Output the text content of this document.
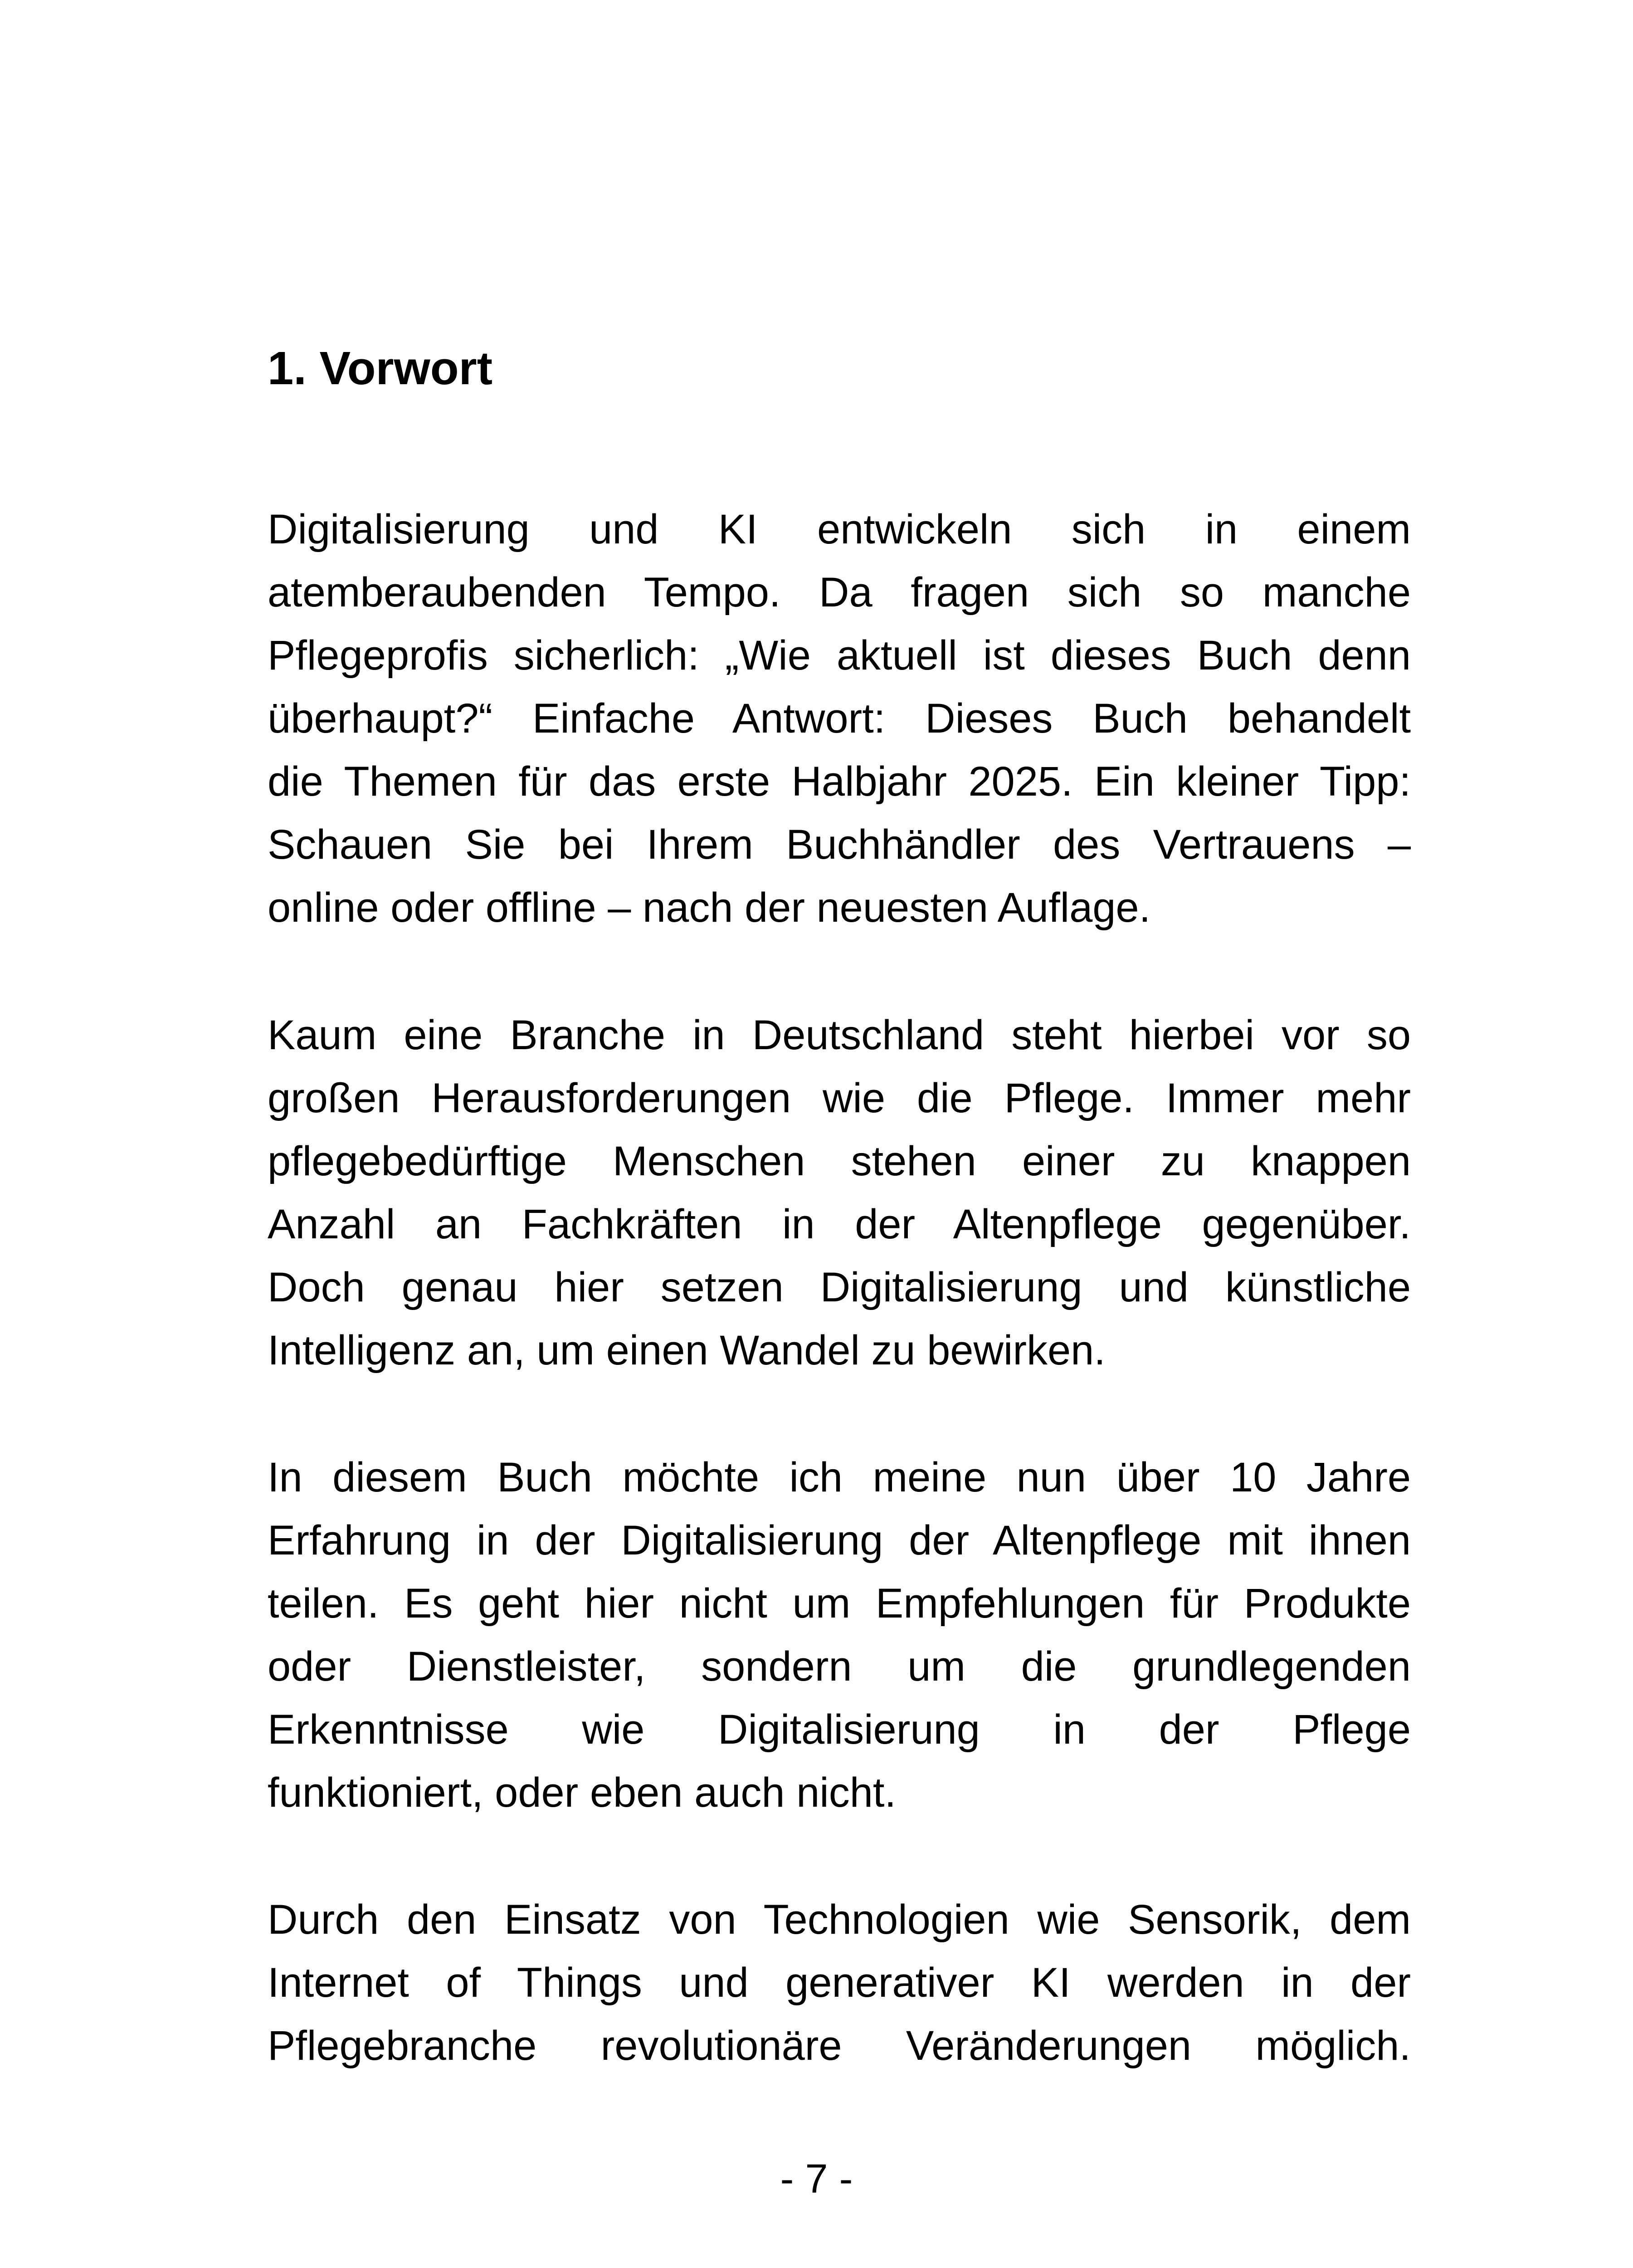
1. Vorwort
Digitalisierung und KI entwickeln sich in einem
atemberaubenden Tempo. Da fragen sich so manche
Pflegeprofis sicherlich: „Wie aktuell ist dieses Buch denn
überhaupt?“ Einfache Antwort: Dieses Buch behandelt
die Themen für das erste Halbjahr 2025. Ein kleiner Tipp:
Schauen Sie bei Ihrem Buchhändler des Vertrauens –
online oder offline – nach der neuesten Auflage.
Kaum eine Branche in Deutschland steht hierbei vor so
großen Herausforderungen wie die Pflege. Immer mehr
pflegebedürftige Menschen stehen einer zu knappen
Anzahl an Fachkräften in der Altenpflege gegenüber.
Doch genau hier setzen Digitalisierung und künstliche
Intelligenz an, um einen Wandel zu bewirken.
In diesem Buch möchte ich meine nun über 10 Jahre
Erfahrung in der Digitalisierung der Altenpflege mit ihnen
teilen. Es geht hier nicht um Empfehlungen für Produkte
oder Dienstleister, sondern um die grundlegenden
Erkenntnisse wie Digitalisierung in der Pflege
funktioniert, oder eben auch nicht.
Durch den Einsatz von Technologien wie Sensorik, dem
Internet of Things und generativer KI werden in der
Pflegebranche revolutionäre Veränderungen möglich.

- 7 -
